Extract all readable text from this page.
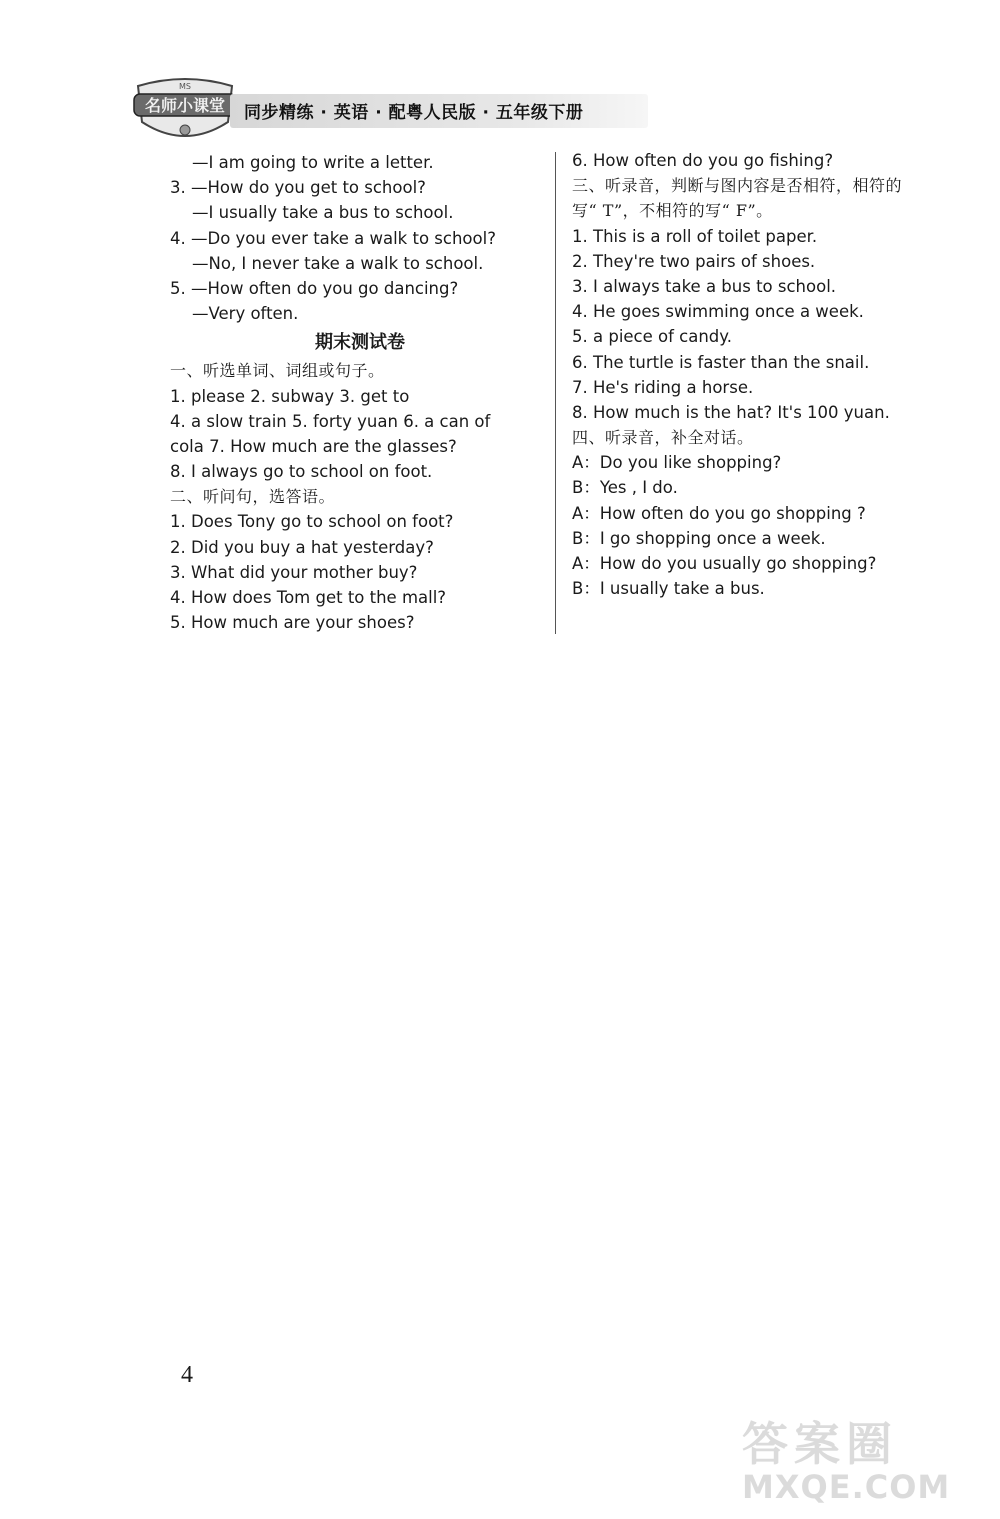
名师小课堂
MS
同步精练 · 英语 · 配粤人民版 · 五年级下册
—I am going to write a letter.
3. —How do you get to school?
—I usually take a bus to school.
4. —Do you ever take a walk to school?
—No, I never take a walk to school.
5. —How often do you go dancing?
—Very often.
期末测试卷
一、听选单词、词组或句子。
1. please 2. subway 3. get to
4. a slow train 5. forty yuan 6. a can of
cola 7. How much are the glasses?
8. I always go to school on foot.
二、听问句，选答语。
1. Does Tony go to school on foot?
2. Did you buy a hat yesterday?
3. What did your mother buy?
4. How does Tom get to the mall?
5. How much are your shoes?
6. How often do you go fishing?
三、听录音，判断与图内容是否相符，相符的
写“ T”，不相符的写“ F”。
1. This is a roll of toilet paper.
2. They're two pairs of shoes.
3. I always take a bus to school.
4. He goes swimming once a week.
5. a piece of candy.
6. The turtle is faster than the snail.
7. He's riding a horse.
8. How much is the hat? It's 100 yuan.
四、听录音，补全对话。
A：Do you like shopping?
B：Yes , I do.
A：How often do you go shopping ?
B：I go shopping once a week.
A：How do you usually go shopping?
B：I usually take a bus.
4
答案圈
MXQE.COM
